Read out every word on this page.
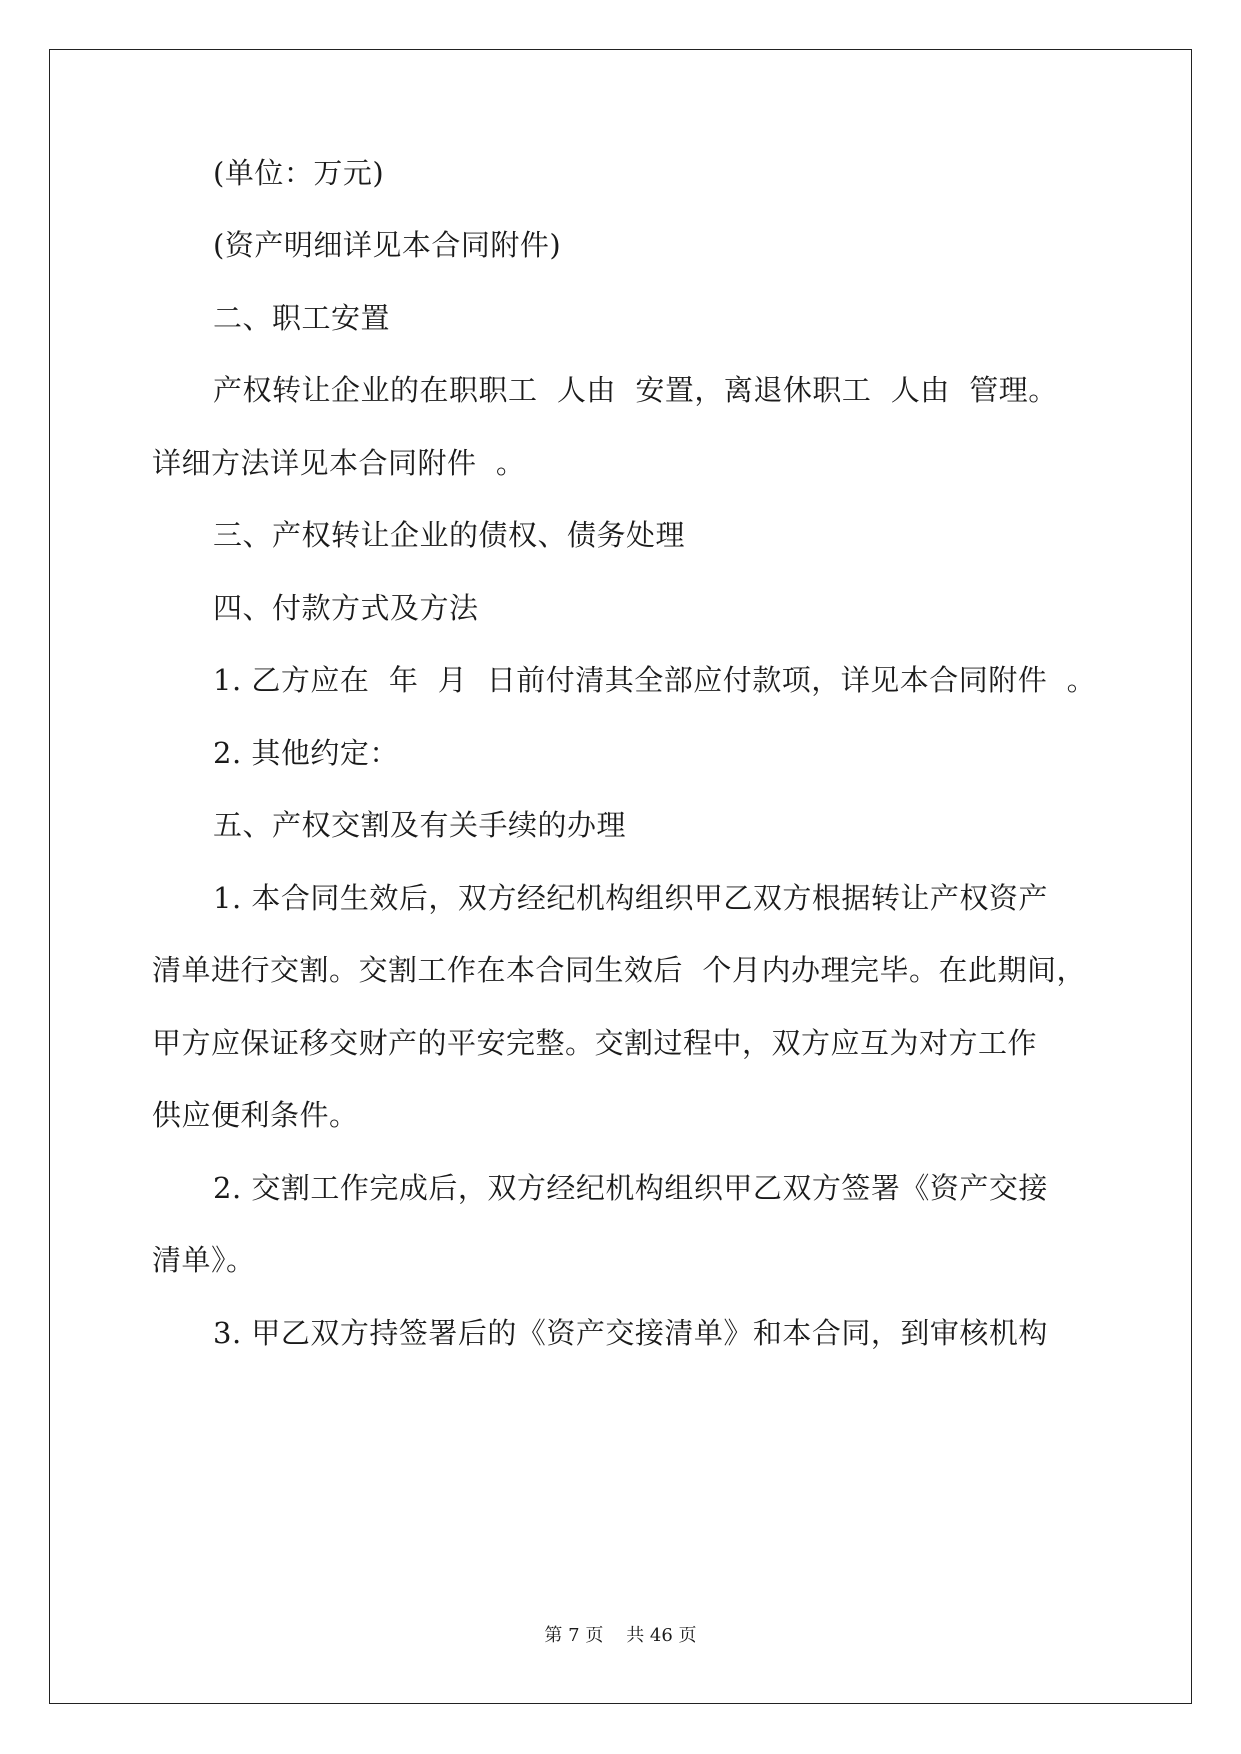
(单位：万元)
(资产明细详见本合同附件)
二、职工安置
产权转让企业的在职职工  人由  安置，离退休职工  人由  管理。
详细方法详见本合同附件  。
三、产权转让企业的债权、债务处理
四、付款方式及方法
1. 乙方应在  年  月  日前付清其全部应付款项，详见本合同附件  。
2. 其他约定：
五、产权交割及有关手续的办理
1. 本合同生效后，双方经纪机构组织甲乙双方根据转让产权资产
清单进行交割。交割工作在本合同生效后  个月内办理完毕。在此期间，
甲方应保证移交财产的平安完整。交割过程中，双方应互为对方工作
供应便利条件。
2. 交割工作完成后，双方经纪机构组织甲乙双方签署《资产交接
清单》。
3. 甲乙双方持签署后的《资产交接清单》和本合同，到审核机构
第 7 页    共 46 页
